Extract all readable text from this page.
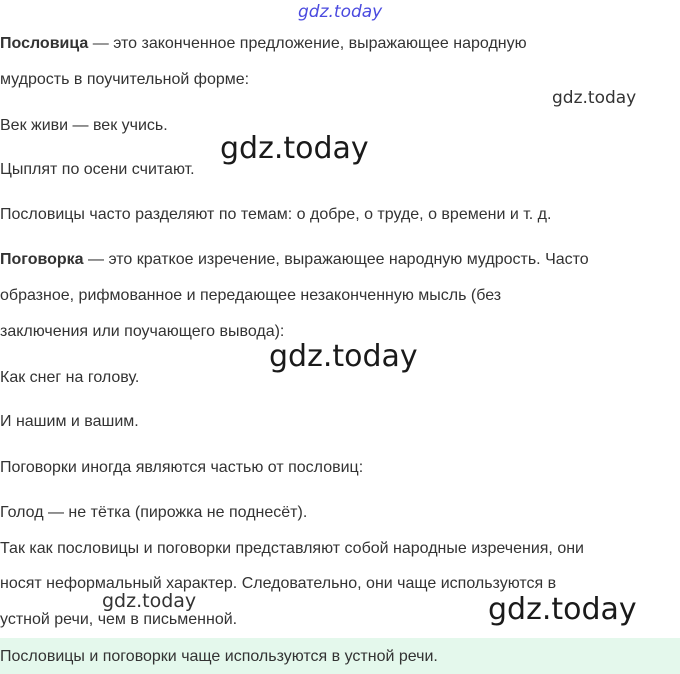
gdz.today
Пословица — это законченное предложение, выражающее народную
мудрость в поучительной форме:
gdz.today
Век живи — век учись.
gdz.today
Цыплят по осени считают.
Пословицы часто разделяют по темам: о добре, о труде, о времени и т. д.
Поговорка — это краткое изречение, выражающее народную мудрость. Часто
образное, рифмованное и передающее незаконченную мысль (без
заключения или поучающего вывода):
gdz.today
Как снег на голову.
И нашим и вашим.
Поговорки иногда являются частью от пословиц:
Голод — не тётка (пирожка не поднесёт).
Так как пословицы и поговорки представляют собой народные изречения, они
носят неформальный характер. Следовательно, они чаще используются в
gdz.today	gdz.today
устной речи, чем в письменной.
Пословицы и поговорки чаще используются в устной речи.
